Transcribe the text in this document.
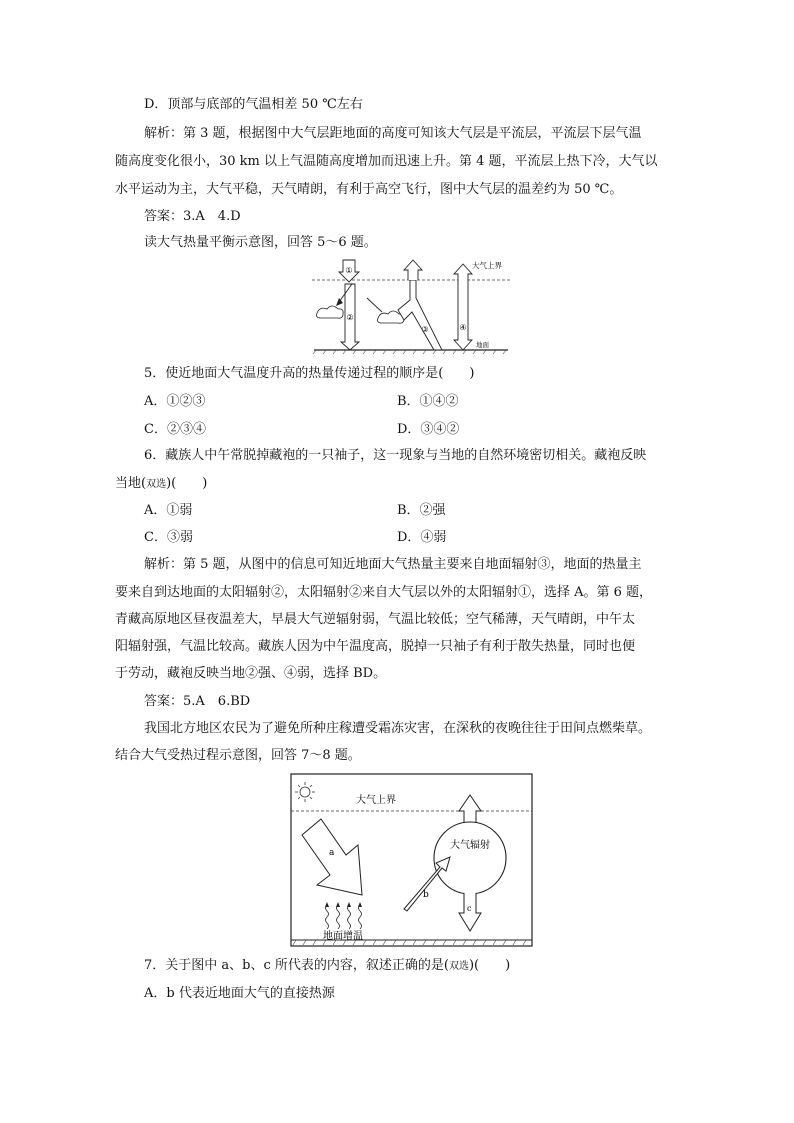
D．顶部与底部的气温相差 50 ℃左右
解析：第 3 题，根据图中大气层距地面的高度可知该大气层是平流层，平流层下层气温
随高度变化很小，30 km 以上气温随高度增加而迅速上升。第 4 题，平流层上热下冷，大气以
水平运动为主，大气平稳，天气晴朗，有利于高空飞行，图中大气层的温差约为 50 ℃。
答案：3.A　4.D
读大气热量平衡示意图，回答 5～6 题。
①
②
③	④
大气上界
地面
5．使近地面大气温度升高的热量传递过程的顺序是(　　)
A．①②③	B．①④②
C．②③④	D．③④②
6．藏族人中午常脱掉藏袍的一只袖子，这一现象与当地的自然环境密切相关。藏袍反映
当地(双选)(　　)
A．①弱	B．②强
C．③弱	D．④弱
解析：第 5 题，从图中的信息可知近地面大气热量主要来自地面辐射③，地面的热量主
要来自到达地面的太阳辐射②，太阳辐射②来自大气层以外的太阳辐射①，选择 A。第 6 题，
青藏高原地区昼夜温差大，早晨大气逆辐射弱，气温比较低；空气稀薄，天气晴朗，中午太
阳辐射强，气温比较高。藏族人因为中午温度高，脱掉一只袖子有利于散失热量，同时也便
于劳动，藏袍反映当地②强、④弱，选择 BD。
答案：5.A　6.BD
我国北方地区农民为了避免所种庄稼遭受霜冻灾害，在深秋的夜晚往往于田间点燃柴草。
结合大气受热过程示意图，回答 7～8 题。
大气上界
a
地面增温
大气辐射
c
b
7．关于图中 a、b、c 所代表的内容，叙述正确的是(双选)(　　)
A．b 代表近地面大气的直接热源
